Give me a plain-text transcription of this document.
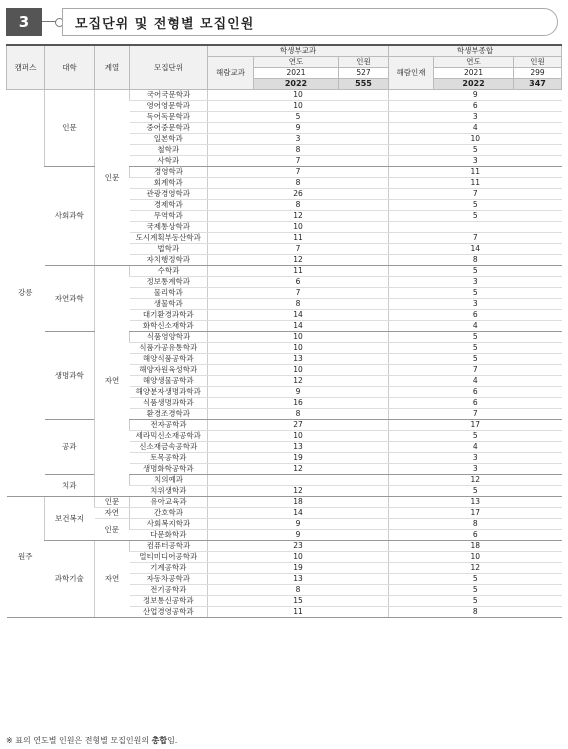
3	모집단위 및 전형별 모집인원
캠퍼스	대학	계열	모집단위	학생부교과			학생부종합		
				해람교과	연도	인원	해람인재	연도	인원
					2021	527		2021	299
					2022	555		2022	347
강릉	인문	인문	국어국문학과	10			9		
			영어영문학과	10			6		
			독어독문학과	5			3		
			중어중문학과	9			4		
			일본학과	3			10		
			철학과	8			5		
			사학과	7			3		
	사회과학		경영학과	7			11		
			회계학과	8			11		
			관광경영학과	26			7		
			경제학과	8			5		
			무역학과	12			5		
			국제통상학과	10					
			도시계획부동산학과	11			7		
			법학과	7			14		
			자치행정학과	12			8		
	자연과학	자연	수학과	11			5		
			정보통계학과	6			3		
			물리학과	7			5		
			생물학과	8			3		
			대기환경과학과	14			6		
			화학신소재학과	14			4		
	생명과학		식품영양학과	10			5		
			식품가공유통학과	10			5		
			해양식품공학과	13			5		
			해양자원육성학과	10			7		
			해양생물공학과	12			4		
			해양분자생명과학과	9			6		
			식품생명과학과	16			6		
			환경조경학과	8			7		
	공과		전자공학과	27			17		
			세라믹신소재공학과	10			5		
			신소재금속공학과	13			4		
			토목공학과	19			3		
			생명화학공학과	12			3		
	치과		치의예과				12		
			치위생학과	12			5		
원주	보건복지	인문	유아교육과	18			13		
		자연	간호학과	14			17		
		인문	사회복지학과	9			8		
			다문화학과	9			6		
	과학기술	자연	컴퓨터공학과	23			18		
			멀티미디어공학과	10			10		
			기계공학과	19			12		
			자동차공학과	13			5		
			전기공학과	8			5		
			정보통신공학과	15			5		
			산업경영공학과	11			8		
※ 표의 연도별 인원은 전형별 모집인원의 총합임.
